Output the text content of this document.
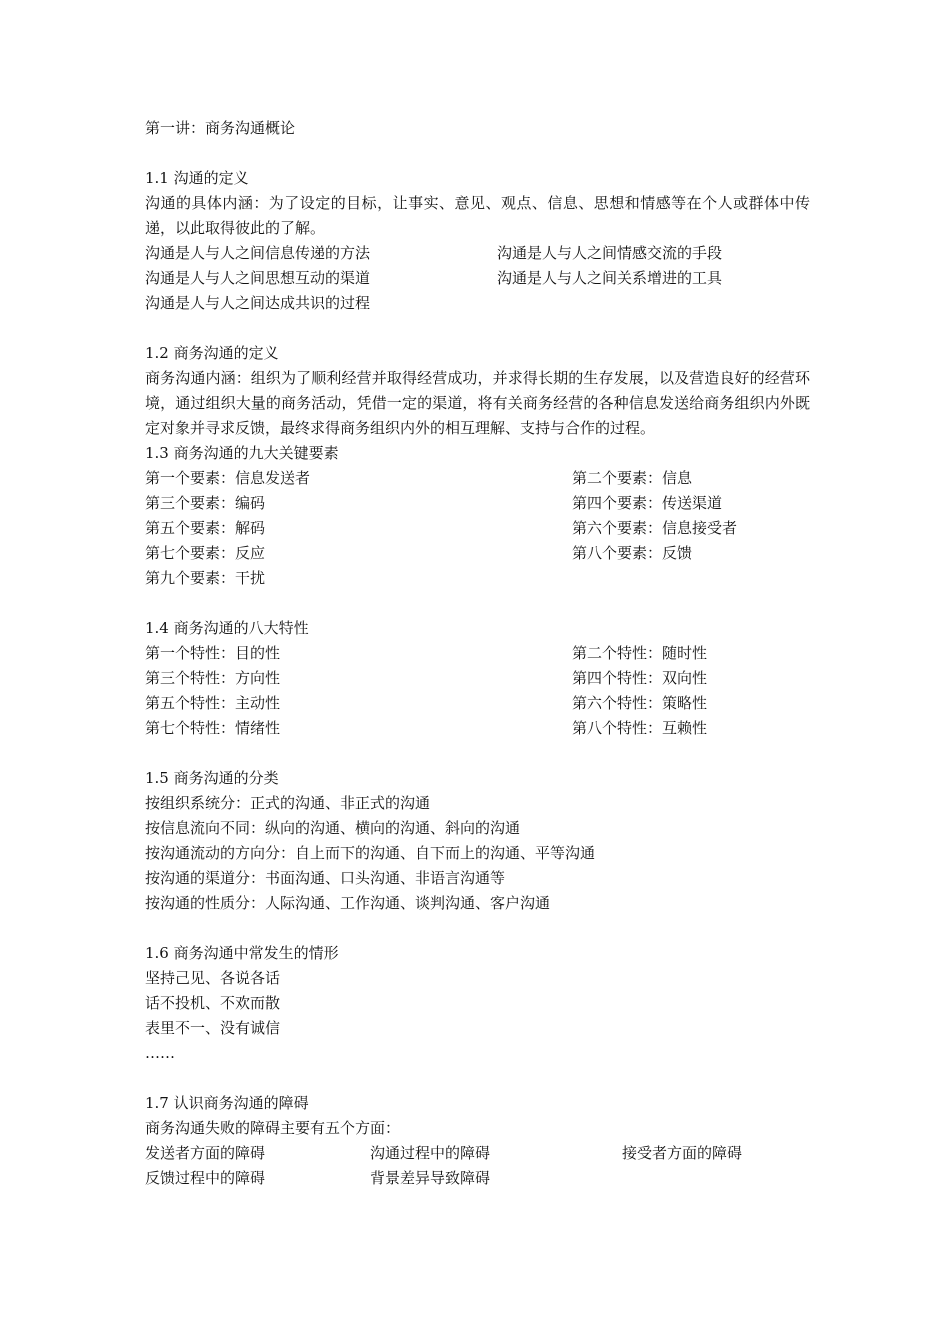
第一讲：商务沟通概论
1.1 沟通的定义
沟通的具体内涵：为了设定的目标，让事实、意见、观点、信息、思想和情感等在个人或群体中传递，以此取得彼此的了解。
沟通是人与人之间信息传递的方法	沟通是人与人之间情感交流的手段
沟通是人与人之间思想互动的渠道	沟通是人与人之间关系增进的工具
沟通是人与人之间达成共识的过程
1.2 商务沟通的定义
商务沟通内涵：组织为了顺利经营并取得经营成功，并求得长期的生存发展，以及营造良好的经营环境，通过组织大量的商务活动，凭借一定的渠道，将有关商务经营的各种信息发送给商务组织内外既定对象并寻求反馈，最终求得商务组织内外的相互理解、支持与合作的过程。
1.3 商务沟通的九大关键要素
第一个要素：信息发送者	第二个要素：信息
第三个要素：编码	第四个要素：传送渠道
第五个要素：解码	第六个要素：信息接受者
第七个要素：反应	第八个要素：反馈
第九个要素：干扰
1.4 商务沟通的八大特性
第一个特性：目的性	第二个特性：随时性
第三个特性：方向性	第四个特性：双向性
第五个特性：主动性	第六个特性：策略性
第七个特性：情绪性	第八个特性：互赖性
1.5 商务沟通的分类
按组织系统分：正式的沟通、非正式的沟通
按信息流向不同：纵向的沟通、横向的沟通、斜向的沟通
按沟通流动的方向分：自上而下的沟通、自下而上的沟通、平等沟通
按沟通的渠道分：书面沟通、口头沟通、非语言沟通等
按沟通的性质分：人际沟通、工作沟通、谈判沟通、客户沟通
1.6 商务沟通中常发生的情形
坚持己见、各说各话
话不投机、不欢而散
表里不一、没有诚信
……
1.7 认识商务沟通的障碍
商务沟通失败的障碍主要有五个方面：
发送者方面的障碍	沟通过程中的障碍	接受者方面的障碍
反馈过程中的障碍	背景差异导致障碍
